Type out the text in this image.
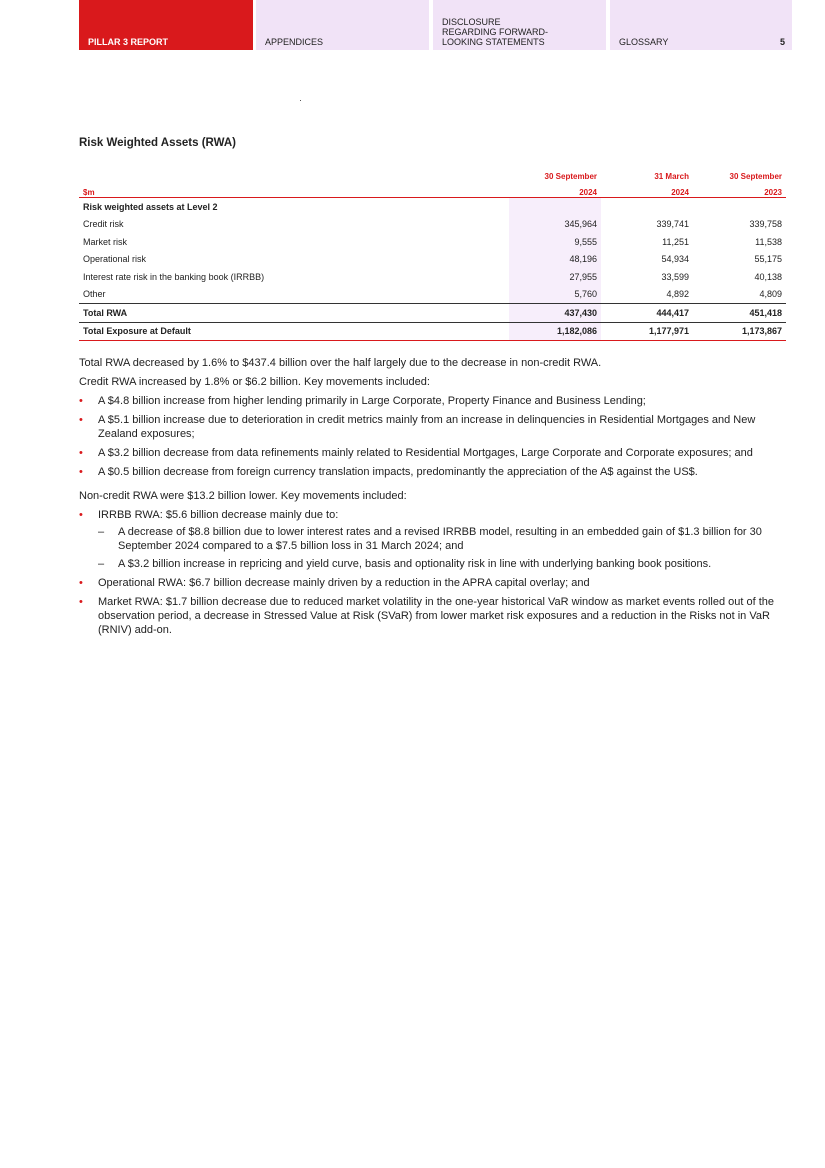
PILLAR 3 REPORT	APPENDICES
DISCLOSURE
REGARDING FORWARD-
LOOKING STATEMENTS	GLOSSARY	5
Risk Weighted Assets (RWA)
	30 September	31 March	30 September
$m	2024	2024	2023
Risk weighted assets at Level 2			
Credit risk	345,964	339,741	339,758
Market risk	9,555	11,251	11,538
Operational risk	48,196	54,934	55,175
Interest rate risk in the banking book (IRRBB)	27,955	33,599	40,138
Other	5,760	4,892	4,809
Total RWA	437,430	444,417	451,418
Total Exposure at Default	1,182,086	1,177,971	1,173,867

Total RWA decreased by 1.6% to $437.4 billion over the half largely due to the decrease in non-credit RWA.

Credit RWA increased by 1.8% or $6.2 billion. Key movements included:

• A $4.8 billion increase from higher lending primarily in Large Corporate, Property Finance and Business Lending;
• A $5.1 billion increase due to deterioration in credit metrics mainly from an increase in delinquencies in Residential Mortgages and New Zealand exposures;
• A $3.2 billion decrease from data refinements mainly related to Residential Mortgages, Large Corporate and Corporate exposures; and
• A $0.5 billion decrease from foreign currency translation impacts, predominantly the appreciation of the A$ against the US$.

Non-credit RWA were $13.2 billion lower. Key movements included:

• IRRBB RWA: $5.6 billion decrease mainly due to:
– A decrease of $8.8 billion due to lower interest rates and a revised IRRBB model, resulting in an embedded gain of $1.3 billion for 30 September 2024 compared to a $7.5 billion loss in 31 March 2024; and
– A $3.2 billion increase in repricing and yield curve, basis and optionality risk in line with underlying banking book positions.
• Operational RWA: $6.7 billion decrease mainly driven by a reduction in the APRA capital overlay; and
• Market RWA: $1.7 billion decrease due to reduced market volatility in the one-year historical VaR window as market events rolled out of the observation period, a decrease in Stressed Value at Risk (SVaR) from lower market risk exposures and a reduction in the Risks not in VaR (RNIV) add-on.
